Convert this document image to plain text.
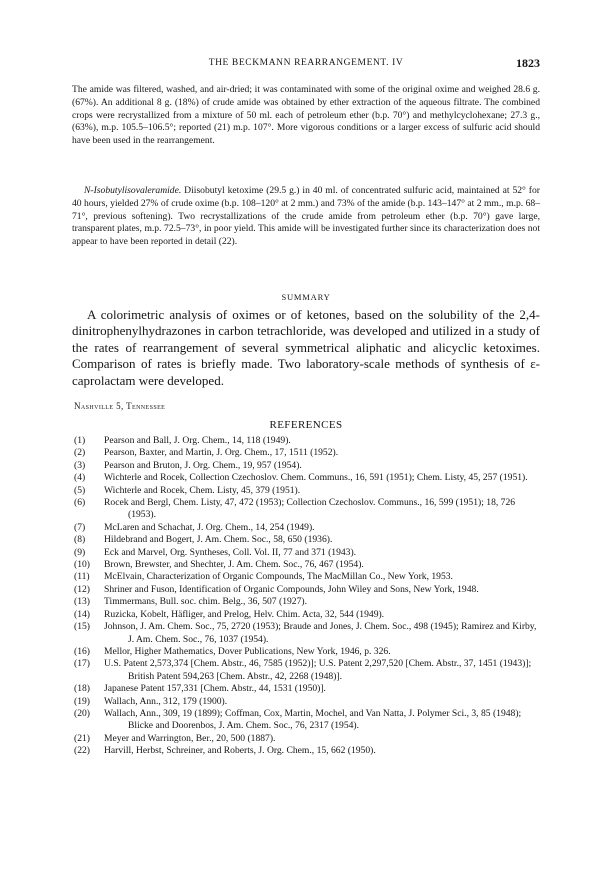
THE BECKMANN REARRANGEMENT. IV	1823

The amide was filtered, washed, and air-dried; it was contaminated with some of the original oxime and weighed 28.6 g. (67%). An additional 8 g. (18%) of crude amide was obtained by ether extraction of the aqueous filtrate. The combined crops were recrystallized from a mixture of 50 ml. each of petroleum ether (b.p. 70°) and methylcyclohexane; 27.3 g., (63%), m.p. 105.5–106.5°; reported (21) m.p. 107°. More vigorous conditions or a larger excess of sulfuric acid should have been used in the rearrangement.

N-Isobutylisovaleramide. Diisobutyl ketoxime (29.5 g.) in 40 ml. of concentrated sulfuric acid, maintained at 52° for 40 hours, yielded 27% of crude oxime (b.p. 108–120° at 2 mm.) and 73% of the amide (b.p. 143–147° at 2 mm., m.p. 68–71°, previous softening). Two recrystallizations of the crude amide from petroleum ether (b.p. 70°) gave large, transparent plates, m.p. 72.5–73°, in poor yield. This amide will be investigated further since its characterization does not appear to have been reported in detail (22).

SUMMARY

A colorimetric analysis of oximes or of ketones, based on the solubility of the 2,4-dinitrophenylhydrazones in carbon tetrachloride, was developed and utilized in a study of the rates of rearrangement of several symmetrical aliphatic and alicyclic ketoximes. Comparison of rates is briefly made. Two laboratory-scale methods of synthesis of ε-caprolactam were developed.

Nashville 5, Tennessee
REFERENCES
(1)	Pearson and Ball, J. Org. Chem., 14, 118 (1949).
(2)	Pearson, Baxter, and Martin, J. Org. Chem., 17, 1511 (1952).
(3)	Pearson and Bruton, J. Org. Chem., 19, 957 (1954).
(4)	Wichterle and Rocek, Collection Czechoslov. Chem. Communs., 16, 591 (1951); Chem. Listy, 45, 257 (1951).
(5)	Wichterle and Rocek, Chem. Listy, 45, 379 (1951).
(6)	Rocek and Bergl, Chem. Listy, 47, 472 (1953); Collection Czechoslov. Communs., 16, 599 (1951); 18, 726 (1953).
(7)	McLaren and Schachat, J. Org. Chem., 14, 254 (1949).
(8)	Hildebrand and Bogert, J. Am. Chem. Soc., 58, 650 (1936).
(9)	Eck and Marvel, Org. Syntheses, Coll. Vol. II, 77 and 371 (1943).
(10)	Brown, Brewster, and Shechter, J. Am. Chem. Soc., 76, 467 (1954).
(11)	McElvain, Characterization of Organic Compounds, The MacMillan Co., New York, 1953.
(12)	Shriner and Fuson, Identification of Organic Compounds, John Wiley and Sons, New York, 1948.
(13)	Timmermans, Bull. soc. chim. Belg., 36, 507 (1927).
(14)	Ruzicka, Kobelt, Häfliger, and Prelog, Helv. Chim. Acta, 32, 544 (1949).
(15)	Johnson, J. Am. Chem. Soc., 75, 2720 (1953); Braude and Jones, J. Chem. Soc., 498 (1945); Ramirez and Kirby, J. Am. Chem. Soc., 76, 1037 (1954).
(16)	Mellor, Higher Mathematics, Dover Publications, New York, 1946, p. 326.
(17)	U.S. Patent 2,573,374 [Chem. Abstr., 46, 7585 (1952)]; U.S. Patent 2,297,520 [Chem. Abstr., 37, 1451 (1943)]; British Patent 594,263 [Chem. Abstr., 42, 2268 (1948)].
(18)	Japanese Patent 157,331 [Chem. Abstr., 44, 1531 (1950)].
(19)	Wallach, Ann., 312, 179 (1900).
(20)	Wallach, Ann., 309, 19 (1899); Coffman, Cox, Martin, Mochel, and Van Natta, J. Polymer Sci., 3, 85 (1948); Blicke and Doorenbos, J. Am. Chem. Soc., 76, 2317 (1954).
(21)	Meyer and Warrington, Ber., 20, 500 (1887).
(22)	Harvill, Herbst, Schreiner, and Roberts, J. Org. Chem., 15, 662 (1950).
